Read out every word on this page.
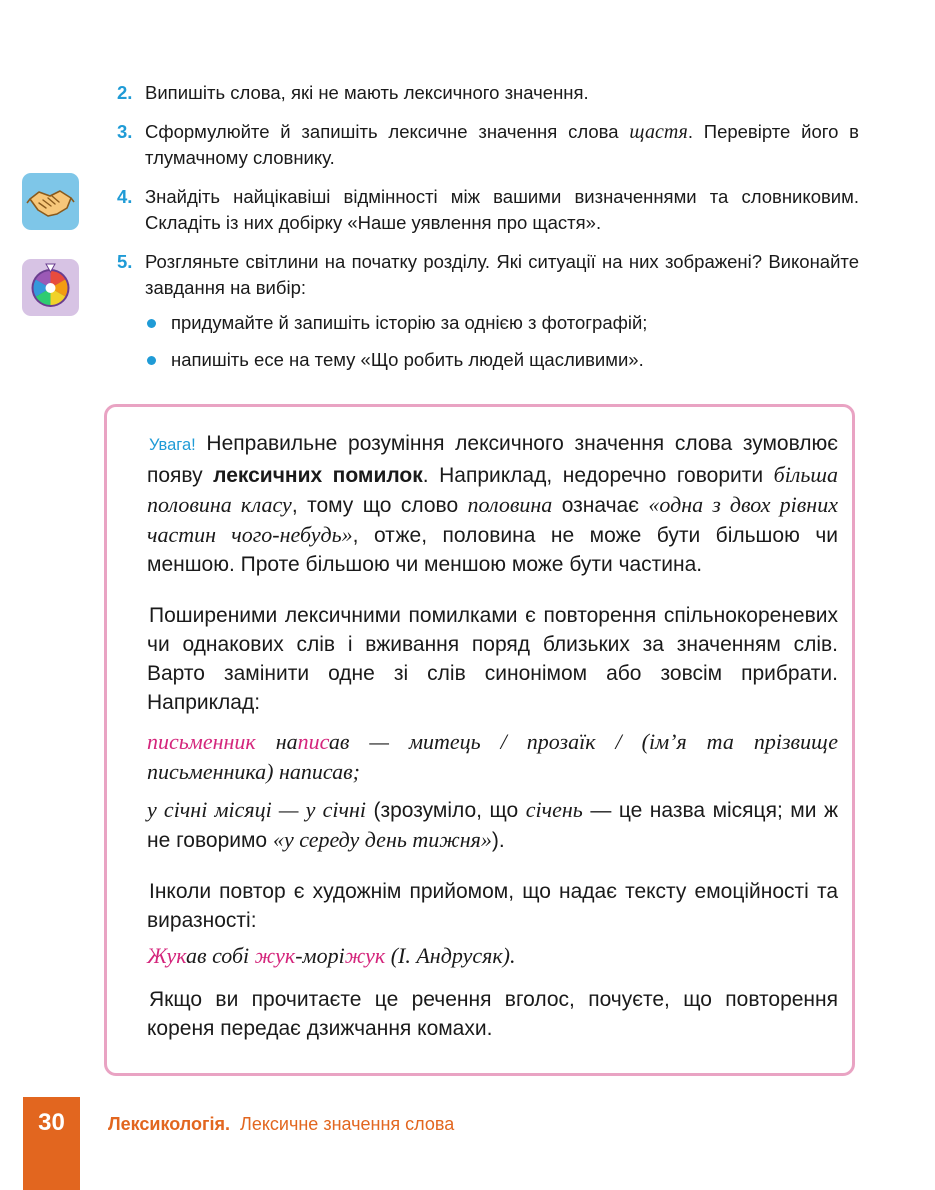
2. Випишіть слова, які не мають лексичного значення.
3. Сформулюйте й запишіть лексичне значення слова щастя. Перевірте його в тлумачному словнику.
4. Знайдіть найцікавіші відмінності між вашими визначеннями та словниковим. Складіть із них добірку «Наше уявлення про щастя».
5. Розгляньте світлини на початку розділу. Які ситуації на них зображені? Виконайте завдання на вибір:
придумайте й запишіть історію за однією з фотографій;
напишіть есе на тему «Що робить людей щасливими».
Увага! Неправильне розуміння лексичного значення слова зумовлює появу лексичних помилок. Наприклад, недоречно говорити більша половина класу, тому що слово половина означає «одна з двох рівних частин чого-небудь», отже, половина не може бути більшою чи меншою. Проте більшою чи меншою може бути частина.
Поширеними лексичними помилками є повторення спільнокореневих чи однакових слів і вживання поряд близьких за значенням слів. Варто замінити одне зі слів синонімом або зовсім прибрати. Наприклад:
письменник написав — митець / прозаїк / (ім’я та прізвище письменника) написав;
у січні місяці — у січні (зрозуміло, що січень — це назва місяця; ми ж не говоримо «у середу день тижня»).
Інколи повтор є художнім прийомом, що надає тексту емоційності та виразності:
Жукав собі жук-моріжук (І. Андрусяк).
Якщо ви прочитаєте це речення вголос, почуєте, що повторення кореня передає дзижчання комахи.
30	Лексикологія. Лексичне значення слова
